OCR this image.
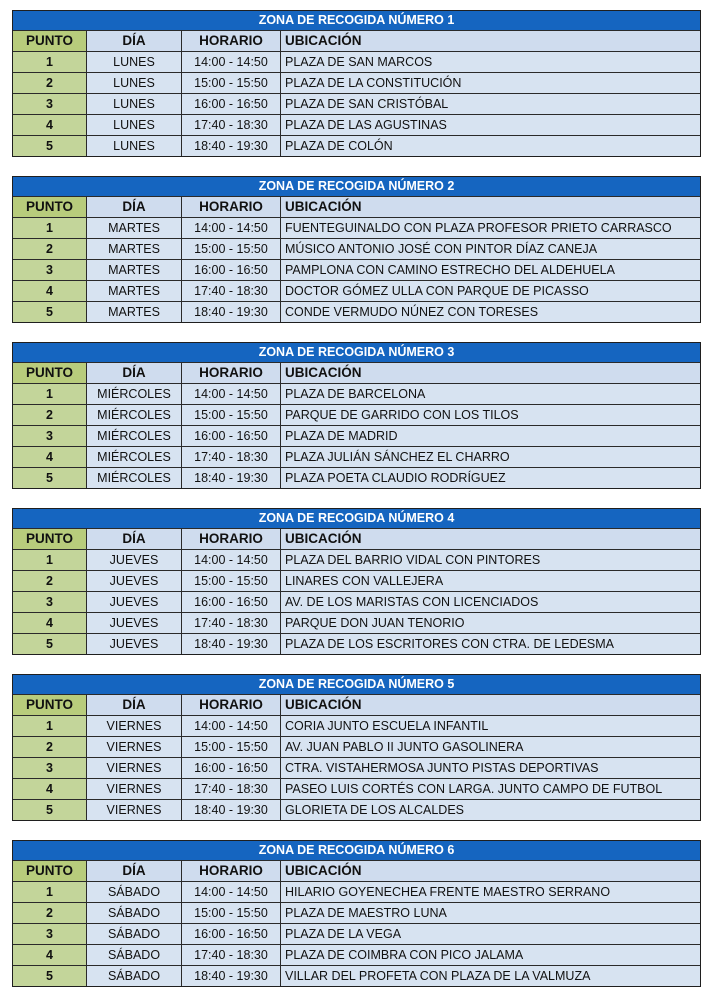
ZONA DE RECOGIDA NÚMERO 1
PUNTO	DÍA	HORARIO	UBICACIÓN
1	LUNES	14:00 - 14:50	PLAZA DE SAN MARCOS
2	LUNES	15:00 - 15:50	PLAZA DE LA CONSTITUCIÓN
3	LUNES	16:00 - 16:50	PLAZA DE SAN CRISTÓBAL
4	LUNES	17:40 - 18:30	PLAZA DE LAS AGUSTINAS
5	LUNES	18:40 - 19:30	PLAZA DE COLÓN
ZONA DE RECOGIDA NÚMERO 2
PUNTO	DÍA	HORARIO	UBICACIÓN
1	MARTES	14:00 - 14:50	FUENTEGUINALDO CON PLAZA PROFESOR PRIETO CARRASCO
2	MARTES	15:00 - 15:50	MÚSICO ANTONIO JOSÉ CON PINTOR DÍAZ CANEJA
3	MARTES	16:00 - 16:50	PAMPLONA CON CAMINO ESTRECHO DEL ALDEHUELA
4	MARTES	17:40 - 18:30	DOCTOR GÓMEZ ULLA CON PARQUE DE PICASSO
5	MARTES	18:40 - 19:30	CONDE VERMUDO NÚNEZ CON TORESES
ZONA DE RECOGIDA NÚMERO 3
PUNTO	DÍA	HORARIO	UBICACIÓN
1	MIÉRCOLES	14:00 - 14:50	PLAZA DE BARCELONA
2	MIÉRCOLES	15:00 - 15:50	PARQUE DE GARRIDO CON LOS TILOS
3	MIÉRCOLES	16:00 - 16:50	PLAZA DE MADRID
4	MIÉRCOLES	17:40 - 18:30	PLAZA JULIÁN SÁNCHEZ EL CHARRO
5	MIÉRCOLES	18:40 - 19:30	PLAZA POETA CLAUDIO RODRÍGUEZ
ZONA DE RECOGIDA NÚMERO 4
PUNTO	DÍA	HORARIO	UBICACIÓN
1	JUEVES	14:00 - 14:50	PLAZA DEL BARRIO VIDAL CON PINTORES
2	JUEVES	15:00 - 15:50	LINARES CON VALLEJERA
3	JUEVES	16:00 - 16:50	AV. DE LOS MARISTAS CON LICENCIADOS
4	JUEVES	17:40 - 18:30	PARQUE DON JUAN TENORIO
5	JUEVES	18:40 - 19:30	PLAZA DE LOS ESCRITORES CON CTRA. DE LEDESMA
ZONA DE RECOGIDA NÚMERO 5
PUNTO	DÍA	HORARIO	UBICACIÓN
1	VIERNES	14:00 - 14:50	CORIA JUNTO ESCUELA INFANTIL
2	VIERNES	15:00 - 15:50	AV. JUAN PABLO II JUNTO GASOLINERA
3	VIERNES	16:00 - 16:50	CTRA. VISTAHERMOSA JUNTO PISTAS DEPORTIVAS
4	VIERNES	17:40 - 18:30	PASEO LUIS CORTÉS CON LARGA. JUNTO CAMPO DE FUTBOL
5	VIERNES	18:40 - 19:30	GLORIETA DE LOS ALCALDES
ZONA DE RECOGIDA NÚMERO 6
PUNTO	DÍA	HORARIO	UBICACIÓN
1	SÁBADO	14:00 - 14:50	HILARIO GOYENECHEA FRENTE MAESTRO SERRANO
2	SÁBADO	15:00 - 15:50	PLAZA DE MAESTRO LUNA
3	SÁBADO	16:00 - 16:50	PLAZA DE LA VEGA
4	SÁBADO	17:40 - 18:30	PLAZA DE COIMBRA CON PICO JALAMA
5	SÁBADO	18:40 - 19:30	VILLAR DEL PROFETA CON PLAZA DE LA VALMUZA
